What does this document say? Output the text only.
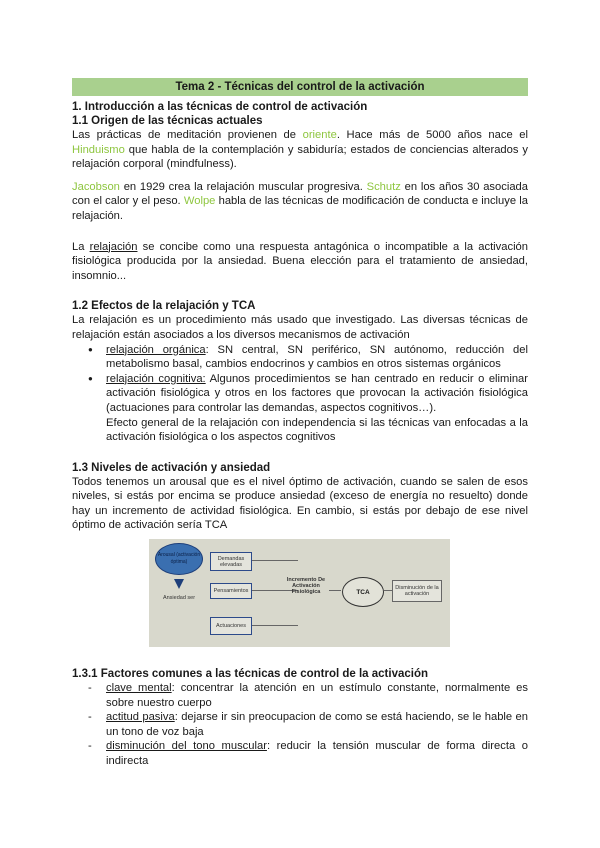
Tema 2 - Técnicas del control de la activación
1. Introducción a las técnicas de control de activación
1.1 Origen de las técnicas actuales

Las prácticas de meditación provienen de oriente. Hace más de 5000 años nace el Hinduismo que habla de la contemplación y sabiduría; estados de conciencias alterados y relajación corporal (mindfulness).

Jacobson en 1929 crea la relajación muscular progresiva. Schutz en los años 30 asociada con el calor y el peso. Wolpe habla de las técnicas de modificación de conducta e incluye la relajación.

La relajación se concibe como una respuesta antagónica o incompatible a la activación fisiológica producida por la ansiedad. Buena elección para el tratamiento de ansiedad, insomnio...

1.2 Efectos de la relajación y TCA

La relajación es un procedimiento más usado que investigado. Las diversas técnicas de relajación están asociados a los diversos mecanismos de activación

● relajación orgánica: SN central, SN periférico, SN autónomo, reducción del metabolismo basal, cambios endocrinos y cambios en otros sistemas orgánicos
● relajación cognitiva: Algunos procedimientos se han centrado en reducir o eliminar activación fisiológica y otros en los factores que provocan la activación fisiológica (actuaciones para controlar las demandas, aspectos cognitivos…).

Efecto general de la relajación con independencia si las técnicas van enfocadas a la activación fisiológica o los aspectos cognitivos

1.3 Niveles de activación y ansiedad

Todos tenemos un arousal que es el nivel óptimo de activación, cuando se salen de esos niveles, si estás por encima se produce ansiedad (exceso de energía no resuelto) donde hay un incremento de actividad fisiológica. En cambio, si estás por debajo de ese nivel óptimo de activación sería TCA

Arousal (activación óptima)
Ansiedad ser
Demandas elevadas
Pensamientos
Actuaciones
Incremento De Activación Fisiológica	TCA
Disminución de la activación
1.3.1 Factores comunes a las técnicas de control de la activación
- clave mental: concentrar la atención en un estímulo constante, normalmente es sobre nuestro cuerpo
- actitud pasiva: dejarse ir sin preocupacion de como se está haciendo, se le hable en un tono de voz baja
- disminución del tono muscular: reducir la tensión muscular de forma directa o indirecta
